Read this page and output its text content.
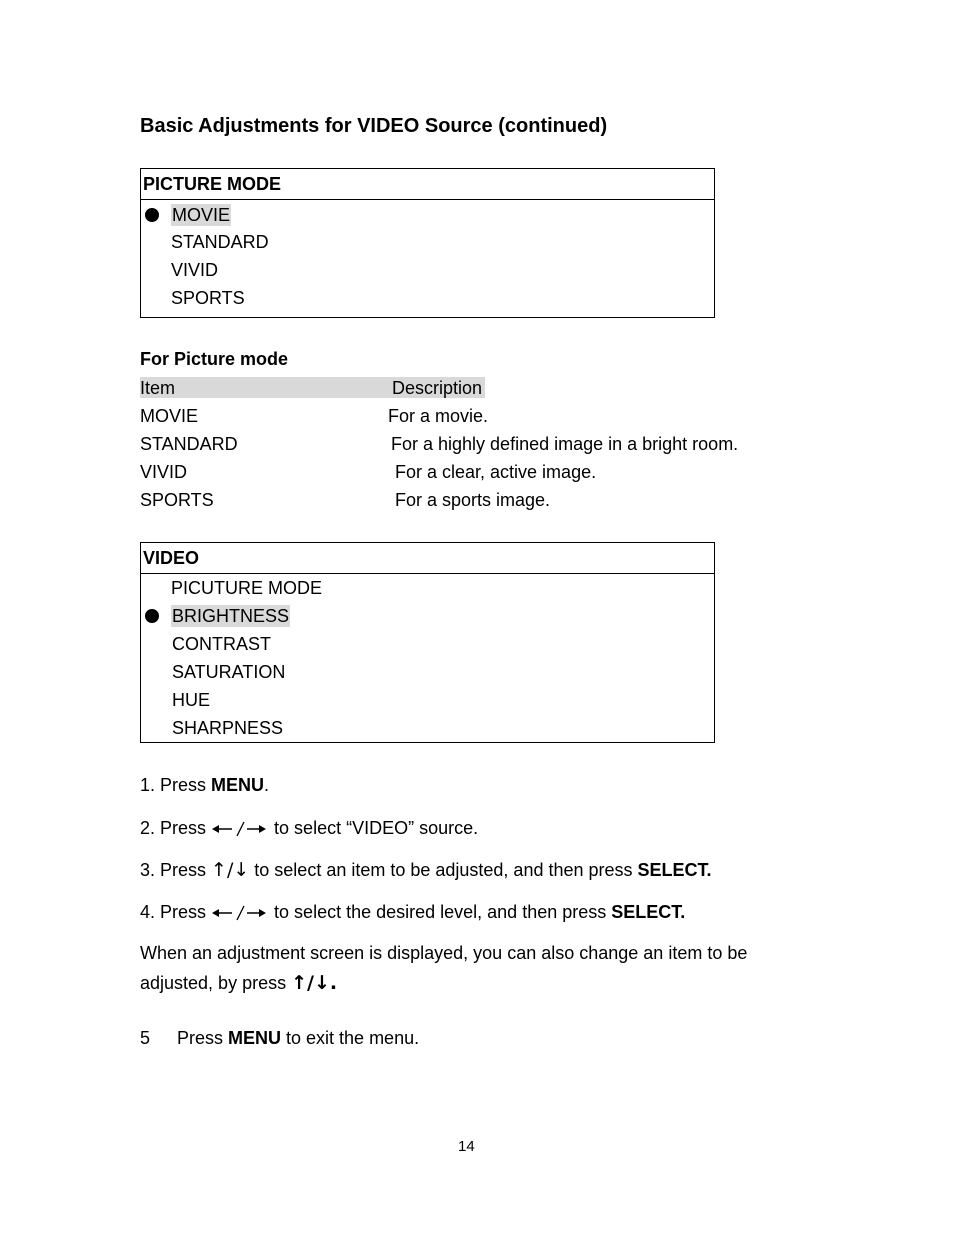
Basic Adjustments for VIDEO Source (continued)
PICTURE MODE
MOVIE
STANDARD
VIVID
SPORTS
For Picture mode
Item	Description
MOVIE	For a movie.
STANDARD	For a highly defined image in a bright room.
VIVID	For a clear, active image.
SPORTS	For a sports image.
VIDEO
PICUTURE MODE
BRIGHTNESS
CONTRAST
SATURATION
HUE
SHARPNESS
1. Press MENU.
2. Press	to select “VIDEO” source.
3. Press ↑/↓ to select an item to be adjusted, and then press SELECT.
4. Press	to select the desired level, and then press SELECT.
When an adjustment screen is displayed, you can also change an item to be
adjusted, by press ↑/↓.
5 Press MENU to exit the menu.
14
